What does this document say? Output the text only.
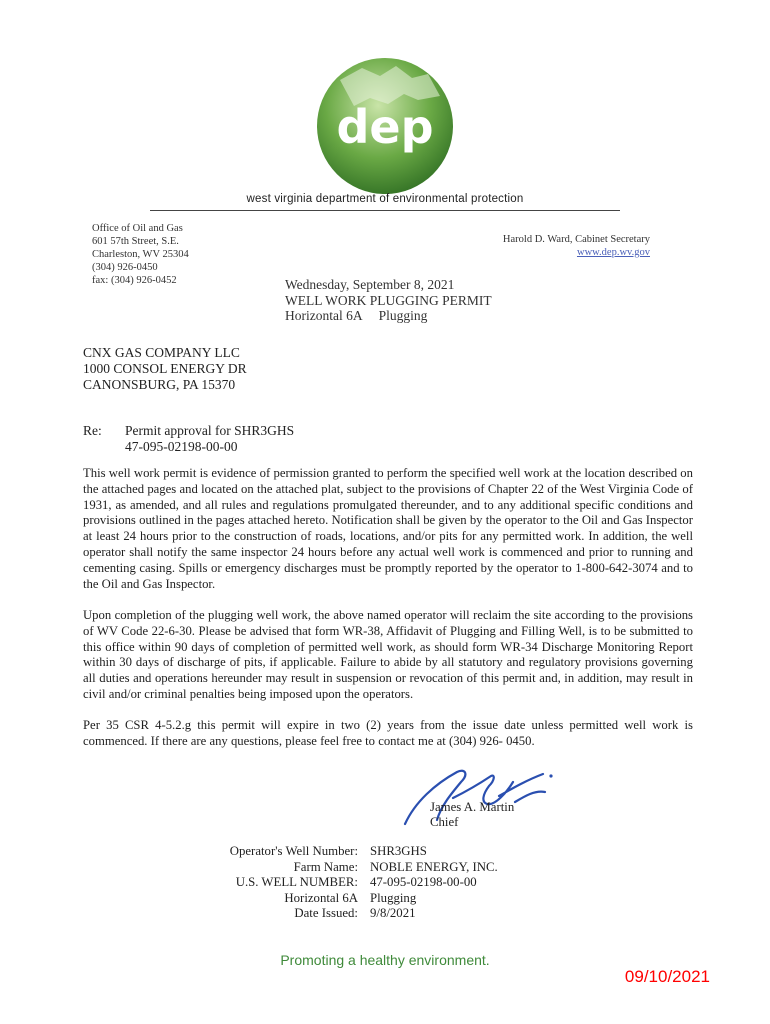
dep
west virginia department of environmental protection
Office of Oil and Gas
601 57th Street, S.E.
Charleston, WV 25304
(304) 926-0450
fax: (304) 926-0452
Harold D. Ward, Cabinet Secretary
www.dep.wv.gov
Wednesday, September 8, 2021
WELL WORK PLUGGING PERMIT
Horizontal 6A Plugging
CNX GAS COMPANY LLC
1000 CONSOL ENERGY DR
CANONSBURG, PA 15370
Re: Permit approval for SHR3GHS
47-095-02198-00-00
This well work permit is evidence of permission granted to perform the specified well work at the location described on the attached pages and located on the attached plat, subject to the provisions of Chapter 22 of the West Virginia Code of 1931, as amended, and all rules and regulations promulgated thereunder, and to any additional specific conditions and provisions outlined in the pages attached hereto. Notification shall be given by the operator to the Oil and Gas Inspector at least 24 hours prior to the construction of roads, locations, and/or pits for any permitted work. In addition, the well operator shall notify the same inspector 24 hours before any actual well work is commenced and prior to running and cementing casing. Spills or emergency discharges must be promptly reported by the operator to 1-800-642-3074 and to the Oil and Gas Inspector.
Upon completion of the plugging well work, the above named operator will reclaim the site according to the provisions of WV Code 22-6-30. Please be advised that form WR-38, Affidavit of Plugging and Filling Well, is to be submitted to this office within 90 days of completion of permitted well work, as should form WR-34 Discharge Monitoring Report within 30 days of discharge of pits, if applicable. Failure to abide by all statutory and regulatory provisions governing all duties and operations hereunder may result in suspension or revocation of this permit and, in addition, may result in civil and/or criminal penalties being imposed upon the operators.
Per 35 CSR 4-5.2.g this permit will expire in two (2) years from the issue date unless permitted well work is commenced. If there are any questions, please feel free to contact me at (304) 926- 0450.
James A. Martin
Chief
Operator's Well Number:	SHR3GHS
Farm Name:	NOBLE ENERGY, INC.
U.S. WELL NUMBER:	47-095-02198-00-00
Horizontal 6A	Plugging
Date Issued:	9/8/2021
Promoting a healthy environment.
09/10/2021
